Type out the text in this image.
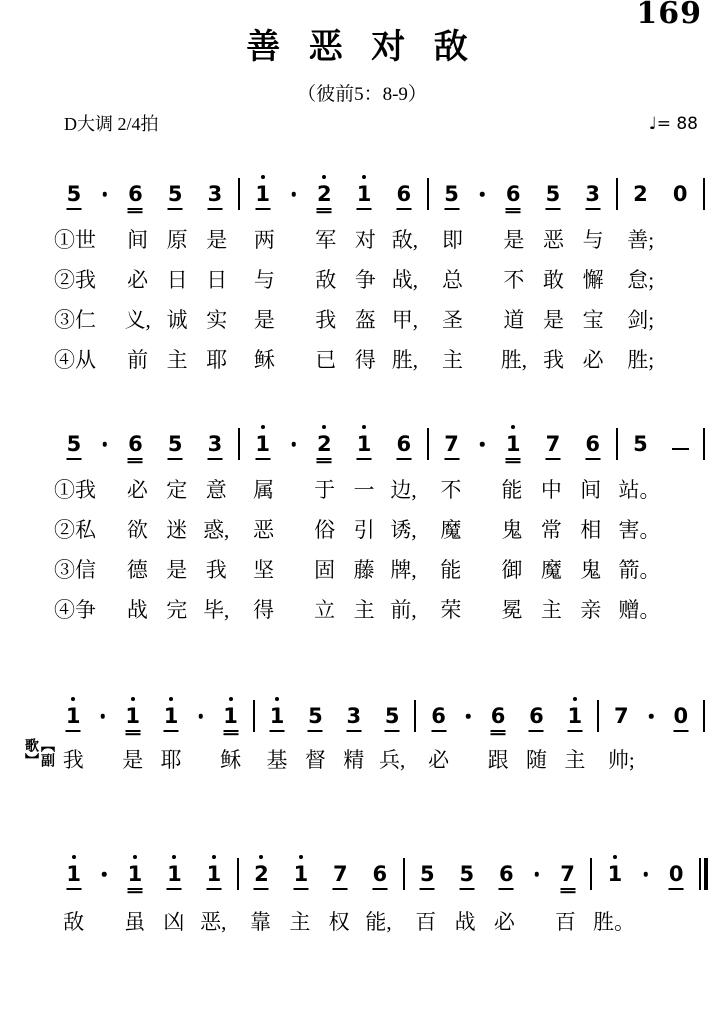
169
善 恶 对 敌
（彼前5：8-9）
D大调 2/4拍	♩= 88
5	6	5	3	1	2	1	6	5	6	5	3	2	0
①世	间 原 是	两	军 对 敌,	即	是 恶 与	善;
②我	必 日 日	与	敌 争 战,	总	不 敢 懈	怠;
③仁	义, 诚 实	是	我 盔 甲,	圣	道 是 宝	剑;
④从	前 主 耶	稣	已 得 胜,	主	胜, 我 必	胜;
5	6	5	3	1	2	1	6	7	1	7	6	5
①我	必 定 意	属	于 一 边,	不	能 中 间 站。
②私	欲 迷 惑,	恶	俗 引 诱,	魔	鬼 常 相 害。
③信	德 是 我	坚	固 藤 牌,	能	御 魔 鬼 箭。
④争	战 完 毕,	得	立 主 前,	荣	冕 主 亲 赠。
1	1	1	1	1	5	3	5	6	6	6	1	7	0
【副歌】	我	是 耶	稣	基 督 精 兵,	必	跟 随 主	帅;
1	1	1	1	2	1	7	6	5	5	6	7	1	0
敌	虽 凶 恶,	靠 主 权 能,	百 战 必	百 胜。
